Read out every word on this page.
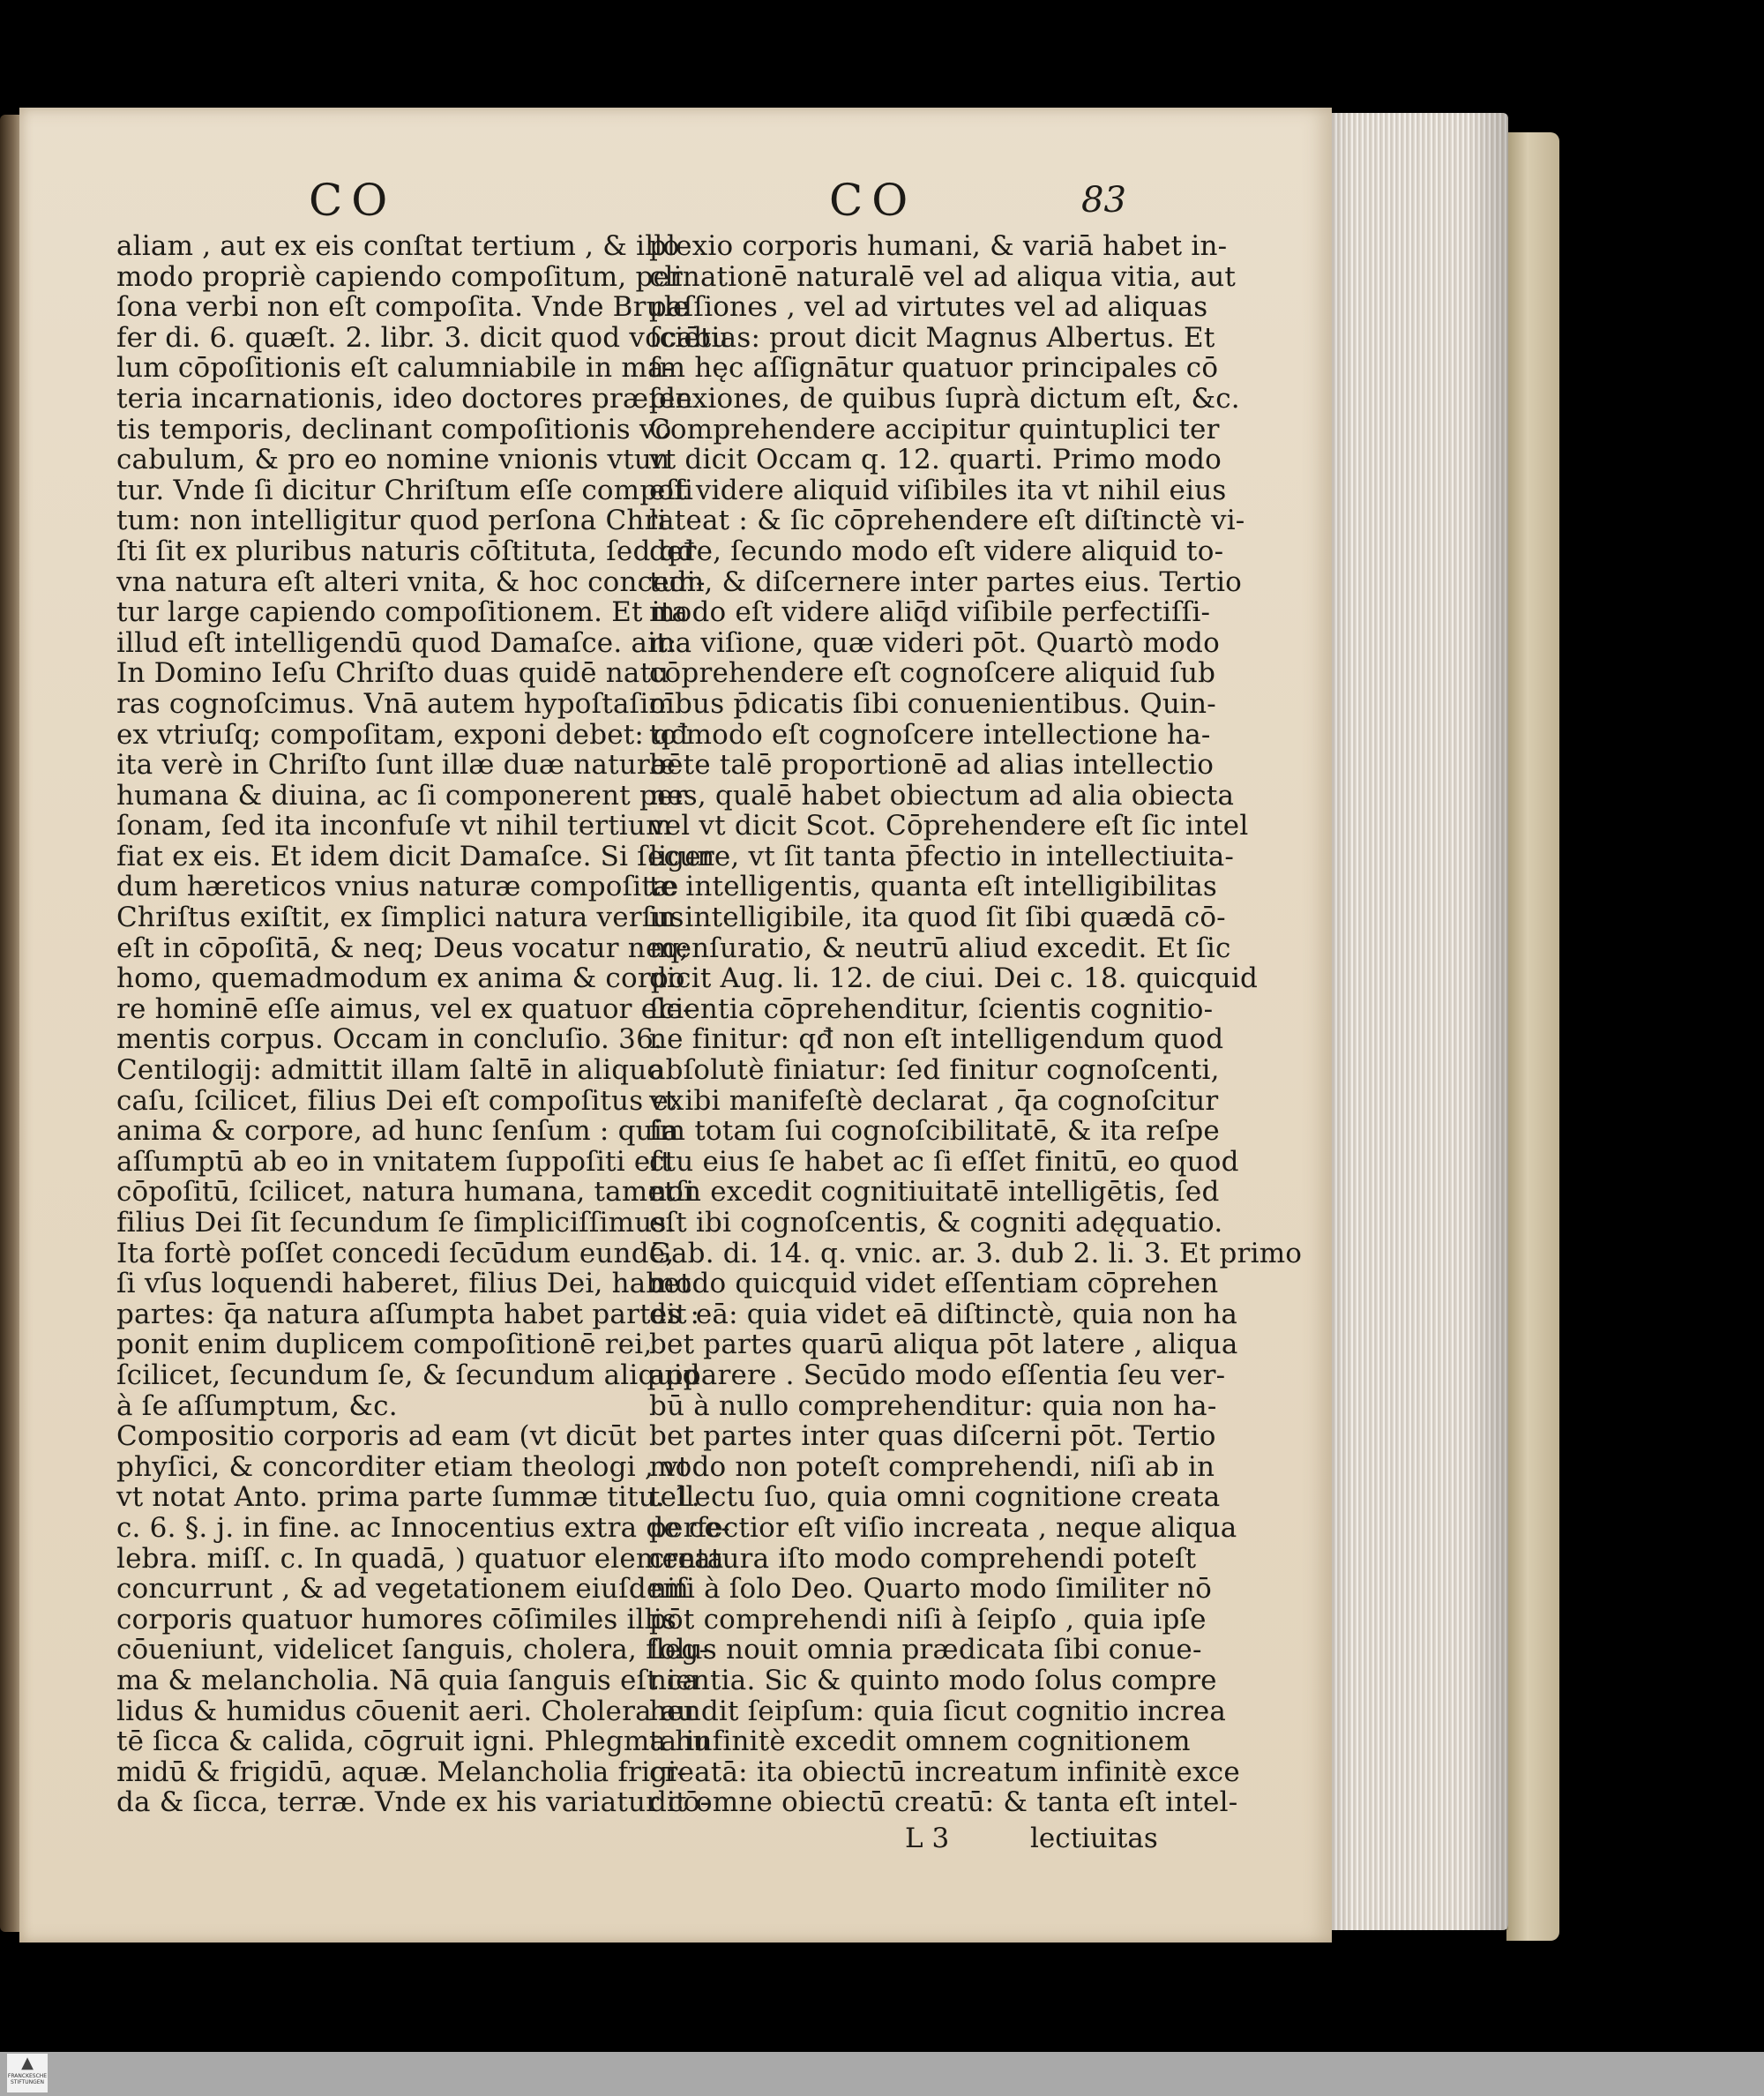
CO	CO	83
aliam , aut ex eis conſtat tertium , & illo
modo propriè capiendo compoſitum, per
ſona verbi non eſt compoſita. Vnde Brule
fer di. 6. quæſt. 2. libr. 3. dicit quod vocabu
lum cōpoſitionis eſt calumniabile in ma-
teria incarnationis, ideo doctores præſen
tis temporis, declinant compoſitionis vo
cabulum, & pro eo nomine vnionis vtun
tur. Vnde ſi dicitur Chriſtum eſſe compoſi
tum: non intelligitur quod perſona Chri
ſti ſit ex pluribus naturis cōſtituta, ſed qđ
vna natura eſt alteri vnita, & hoc concedi-
tur large capiendo compoſitionem. Et ita
illud eſt intelligendū quod Damaſce. ait:
In Domino Ieſu Chriſto duas quidē natu
ras cognoſcimus. Vnā autem hypoſtaſim
ex vtriuſq; compoſitam, exponi debet: qđ
ita verè in Chriſto ſunt illæ duæ naturæ
humana & diuina, ac ſi componerent per
ſonam, ſed ita inconfuſe vt nihil tertium
fiat ex eis. Et idem dicit Damaſce. Si ſecun
dum hæreticos vnius naturæ compoſitæ
Chriſtus exiſtit, ex ſimplici natura verſus
eſt in cōpoſitā, & neq; Deus vocatur neq;
homo, quemadmodum ex anima & corpo
re hominē eſſe aimus, vel ex quatuor ele-
mentis corpus. Occam in concluſio. 36.
Centilogij: admittit illam ſaltē in aliquo
caſu, ſcilicet, filius Dei eſt compoſitus ex
anima & corpore, ad hunc ſenſum : quia
aſſumptū ab eo in vnitatem ſuppoſiti eſt
cōpoſitū, ſcilicet, natura humana, tametſi
filius Dei ſit ſecundum ſe ſimpliciſſimus.
Ita fortè poſſet concedi ſecūdum eundē,
ſi vſus loquendi haberet, filius Dei, habet
partes: q̄a natura aſſumpta habet partes :
ponit enim duplicem compoſitionē rei,
ſcilicet, ſecundum ſe, & ſecundum aliquid
à ſe aſſumptum, &c.
Compositio corporis ad eam (vt dicūt
phyſici, & concorditer etiam theologi , vt
vt notat Anto. prima parte ſummæ titu. 1.
c. 6. §. j. in fine. ac Innocentius extra de ce-
lebra. miſſ. c. In quadā, ) quatuor elementa
concurrunt , & ad vegetationem eiuſdem
corporis quatuor humores cōſimiles illis
cōueniunt, videlicet ſanguis, cholera, fleg-
ma & melancholia. Nā quia ſanguis eſt ca
lidus & humidus cōuenit aeri. Cholera au
tē ſicca & calida, cōgruit igni. Phlegma hu
midū & frigidū, aquæ. Melancholia frigi-
da & ſicca, terræ. Vnde ex his variatur cō-
plexio corporis humani, & variā habet in-
clinationē naturalē vel ad aliqua vitia, aut
paſſiones , vel ad virtutes vel ad aliquas
ſciētias: prout dicit Magnus Albertus. Et
ſm hęc aſſignātur quatuor principales cō
plexiones, de quibus ſuprà dictum eſt, &c.
Comprehendere accipitur quintuplici ter
vt dicit Occam q. 12. quarti. Primo modo
eſt videre aliquid viſibiles ita vt nihil eius
lateat : & ſic cōprehendere eſt diſtinctè vi-
dere, ſecundo modo eſt videre aliquid to-
tum, & diſcernere inter partes eius. Tertio
modo eſt videre aliq̄d viſibile perfectiſſi-
ma viſione, quæ videri pōt. Quartò modo
cōprehendere eſt cognoſcere aliquid ſub
oībus p̄dicatis ſibi conuenientibus. Quin-
to modo eſt cognoſcere intellectione ha-
bēte talē proportionē ad alias intellectio
nes, qualē habet obiectum ad alia obiecta
vel vt dicit Scot. Cōprehendere eſt ſic intel
ligere, vt ſit tanta p̄fectio in intellectiuita-
te intelligentis, quanta eſt intelligibilitas
in intelligibile, ita quod ſit ſibi quædā cō-
menſuratio, & neutrū aliud excedit. Et ſic
dicit Aug. li. 12. de ciui. Dei c. 18. quicquid
ſcientia cōprehenditur, ſcientis cognitio-
ne finitur: qđ non eſt intelligendum quod
abſolutè finiatur: ſed finitur cognoſcenti,
vt ibi manifeſtè declarat , q̄a cognoſcitur
ſm totam ſui cognoſcibilitatē, & ita reſpe
ctu eius ſe habet ac ſi eſſet finitū, eo quod
non excedit cognitiuitatē intelligētis, ſed
eſt ibi cognoſcentis, & cogniti adęquatio.
Gab. di. 14. q. vnic. ar. 3. dub 2. li. 3. Et primo
modo quicquid videt eſſentiam cōprehen
dit eā: quia videt eā diſtinctè, quia non ha
bet partes quarū aliqua pōt latere , aliqua
apparere . Secūdo modo eſſentia ſeu ver-
bū à nullo comprehenditur: quia non ha-
bet partes inter quas diſcerni pōt. Tertio
modo non poteſt comprehendi, niſi ab in
tellectu ſuo, quia omni cognitione creata
perfectior eſt viſio increata , neque aliqua
creatura iſto modo comprehendi poteſt
niſi à ſolo Deo. Quarto modo ſimiliter nō
pōt comprehendi niſi à ſeipſo , quia ipſe
ſolus nouit omnia prædicata ſibi conue-
nientia. Sic & quinto modo ſolus compre
hendit ſeipſum: quia ſicut cognitio increa
ta infinitè excedit omnem cognitionem
creatā: ita obiectū increatum infinitè exce
dit omne obiectū creatū: & tanta eſt intel-
L 3	lectiuitas
▲
FRANCKESCHE
STIFTUNGEN
